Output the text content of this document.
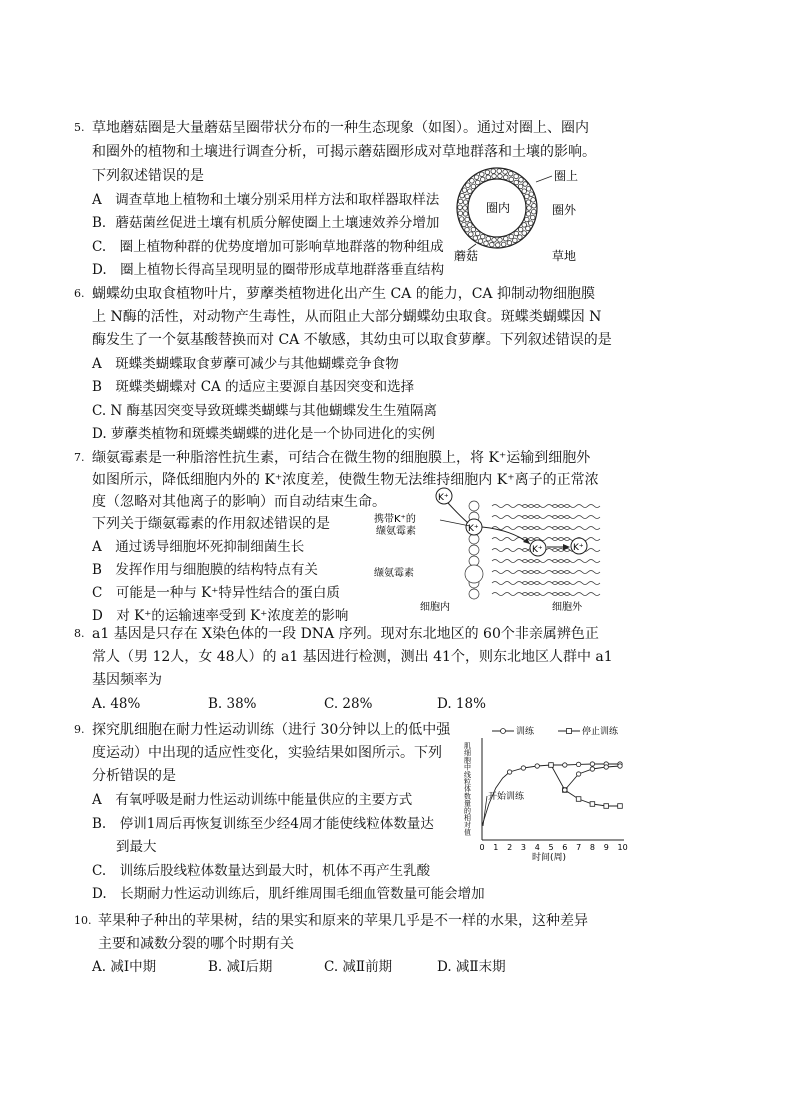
5. 草地蘑菇圈是大量蘑菇呈圈带状分布的一种生态现象（如图）。通过对圈上、圈内
和圈外的植物和土壤进行调查分析，可揭示蘑菇圈形成对草地群落和土壤的影响。
下列叙述错误的是
A　调查草地上植物和土壤分别采用样方法和取样器取样法
B．蘑菇菌丝促进土壤有机质分解使圈上土壤速效养分增加
C.　圈上植物种群的优势度增加可影响草地群落的物种组成
D.　圈上植物长得高呈现明显的圈带形成草地群落垂直结构
圈上
圈内	圈外
蘑菇	草地
6. 蝴蝶幼虫取食植物叶片，萝藦类植物进化出产生 CA 的能力，CA 抑制动物细胞膜
上 N酶的活性，对动物产生毒性，从而阻止大部分蝴蝶幼虫取食。斑蝶类蝴蝶因 N
酶发生了一个氨基酸替换而对 CA 不敏感，其幼虫可以取食萝藦。下列叙述错误的是
A　斑蝶类蝴蝶取食萝藦可减少与其他蝴蝶竞争食物
B　斑蝶类蝴蝶对 CA 的适应主要源自基因突变和选择
C. N 酶基因突变导致斑蝶类蝴蝶与其他蝴蝶发生生殖隔离
D. 萝藦类植物和斑蝶类蝴蝶的进化是一个协同进化的实例
7. 缬氨霉素是一种脂溶性抗生素，可结合在微生物的细胞膜上，将 K⁺运输到细胞外
如图所示，降低细胞内外的 K⁺浓度差，使微生物无法维持细胞内 K⁺离子的正常浓
度（忽略对其他离子的影响）而自动结束生命。
下列关于缬氨霉素的作用叙述错误的是
A　通过诱导细胞坏死抑制细菌生长
B　发挥作用与细胞膜的结构特点有关
C　可能是一种与 K⁺特异性结合的蛋白质
D　对 K⁺的运输速率受到 K⁺浓度差的影响
K⁺
K⁺
K⁺	K⁺
携带K⁺的
缬氨霉素
缬氨霉素
细胞内	细胞外
8. a1 基因是只存在 X染色体的一段 DNA 序列。现对东北地区的 60个非亲属辨色正
常人（男 12人，女 48人）的 a1 基因进行检测，测出 41个，则东北地区人群中 a1
基因频率为
A. 48%	B. 38%	C. 28%	D. 18%
9. 探究肌细胞在耐力性运动训练（进行 30分钟以上的低中强
度运动）中出现的适应性变化，实验结果如图所示。下列
分析错误的是
A　有氧呼吸是耐力性运动训练中能量供应的主要方式
B.　停训1周后再恢复训练至少经4周才能使线粒体数量达
到最大
C.　训练后股线粒体数量达到最大时，机体不再产生乳酸
D.　长期耐力性运动训练后，肌纤维周围毛细血管数量可能会增加
训练	停止训练
肌
细
胞
中
线
粒
体
数
量
的
相
对
值
0 1 2 3 4 5 6 7 8 9 10
时间(周)
开始训练
10. 苹果种子种出的苹果树，结的果实和原来的苹果几乎是不一样的水果，这种差异
主要和减数分裂的哪个时期有关
A. 减Ⅰ中期	B. 减Ⅰ后期	C. 减Ⅱ前期	D. 减Ⅱ末期
